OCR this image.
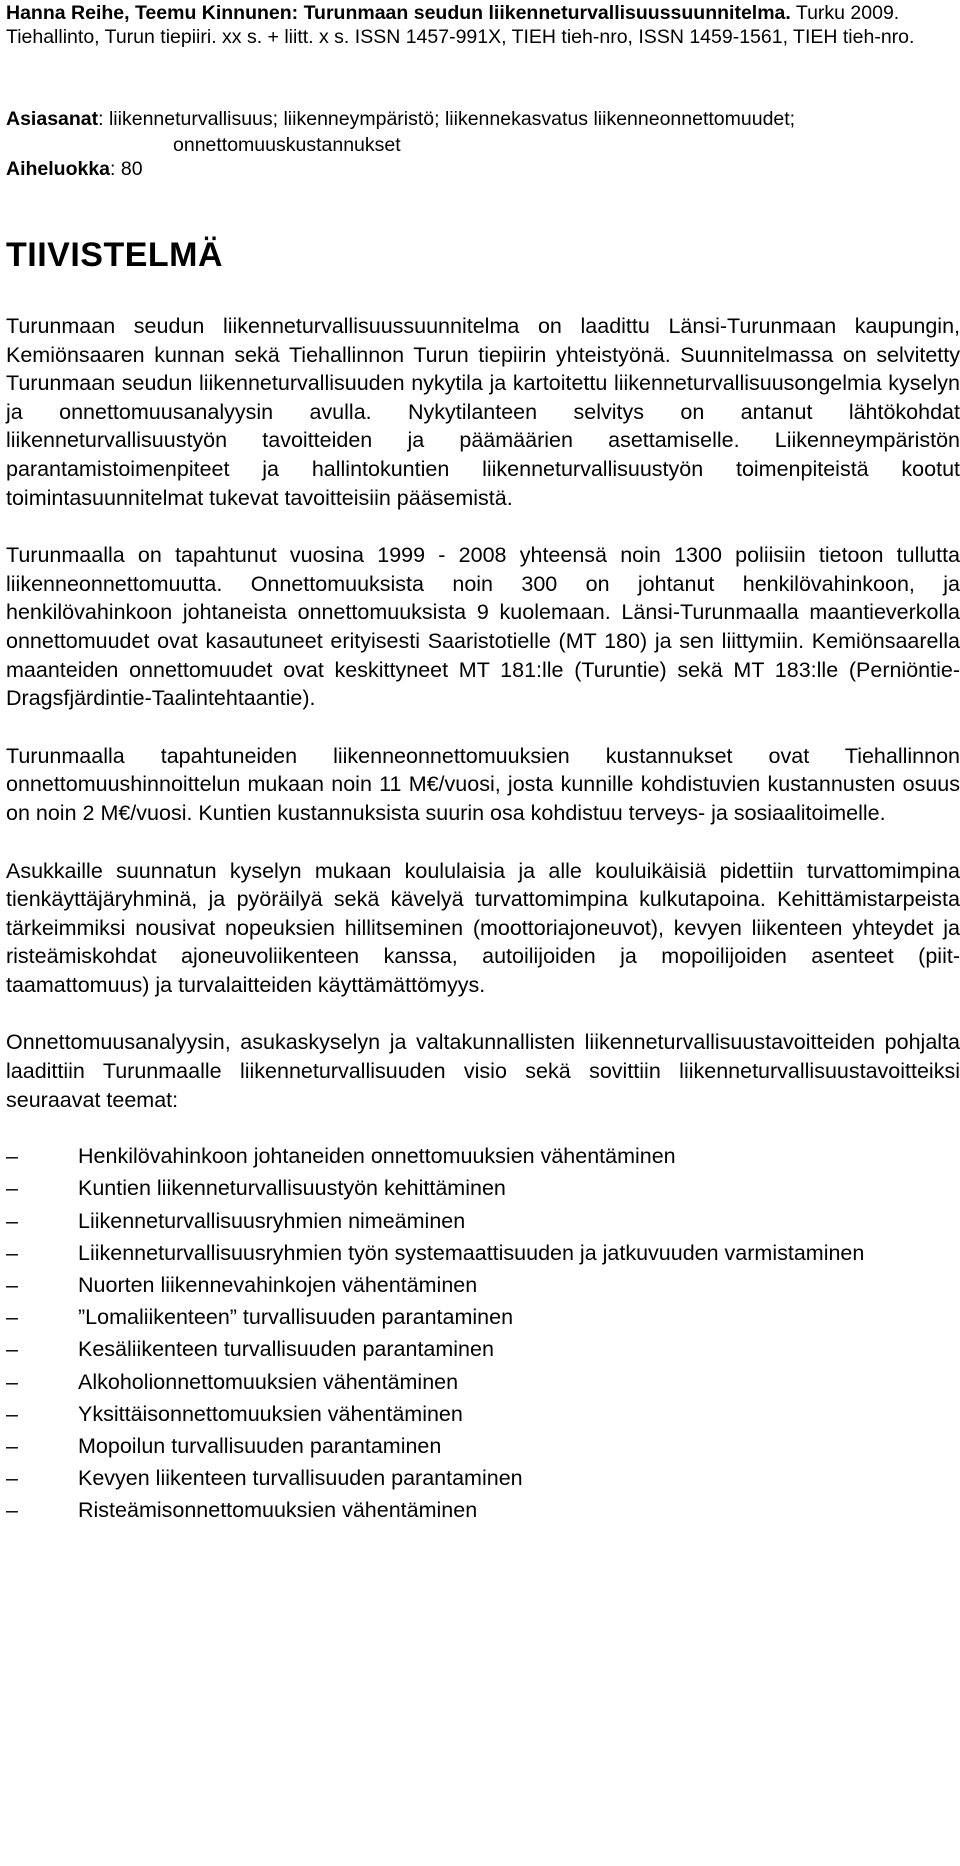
Hanna Reihe, Teemu Kinnunen: Turunmaan seudun liikenneturvallisuussuunnitelma. Turku 2009. Tiehallinto, Turun tiepiiri. xx s. + liitt. x s. ISSN 1457-991X, TIEH tieh-nro, ISSN 1459-1561, TIEH tieh-nro.
Asiasanat: liikenneturvallisuus; liikenneympäristö; liikennekasvatus liikenneonnettomuudet;
onnettomuuskustannukset
Aiheluokka: 80
TIIVISTELMÄ

Turunmaan seudun liikenneturvallisuussuunnitelma on laadittu Länsi-Turunmaan kaupungin, Kemiönsaaren kunnan sekä Tiehallinnon Turun tiepiirin yhteistyönä. Suunnitelmassa on selvitetty Turunmaan seudun liikenneturvallisuuden nykytila ja kartoitettu liikenneturvallisuusongelmia kyselyn ja onnettomuusanalyysin avulla. Nykytilanteen selvitys on antanut lähtökohdat liikenneturvallisuustyön tavoitteiden ja päämäärien asettamiselle. Liikenneympäristön parantamistoimenpiteet ja hallintokuntien liikenneturvallisuustyön toimenpiteistä kootut toimintasuunnitelmat tukevat tavoitteisiin pääsemistä.

Turunmaalla on tapahtunut vuosina 1999 - 2008 yhteensä noin 1300 poliisiin tietoon tullutta liikenneonnettomuutta. Onnettomuuksista noin 300 on johtanut henkilövahinkoon, ja henkilövahinkoon johtaneista onnettomuuksista 9 kuolemaan. Länsi-Turunmaalla maantieverkolla onnettomuudet ovat kasautuneet erityisesti Saaristotielle (MT 180) ja sen liittymiin. Kemiönsaarella maanteiden onnettomuudet ovat keskittyneet MT 181:lle (Turuntie) sekä MT 183:lle (Perniöntie-Dragsfjärdintie-Taalintehtaantie).

Turunmaalla tapahtuneiden liikenneonnettomuuksien kustannukset ovat Tiehallinnon onnettomuushinnoittelun mukaan noin 11 M€/vuosi, josta kunnille kohdistuvien kustannusten osuus on noin 2 M€/vuosi. Kuntien kustannuksista suurin osa kohdistuu terveys- ja sosiaalitoimelle.

Asukkaille suunnatun kyselyn mukaan koululaisia ja alle kouluikäisiä pidettiin turvattomimpina tienkäyttäjäryhminä, ja pyöräilyä sekä kävelyä turvattomimpina kulkutapoina. Kehittämistarpeista tärkeimmiksi nousivat nopeuksien hillitseminen (moottoriajoneuvot), kevyen liikenteen yhteydet ja risteämiskohdat ajoneuvoliikenteen kanssa, autoilijoiden ja mopoilijoiden asenteet (piittaamattomuus) ja turvalaitteiden käyttämättömyys.

Onnettomuusanalyysin, asukaskyselyn ja valtakunnallisten liikenneturvallisuustavoitteiden pohjalta laadittiin Turunmaalle liikenneturvallisuuden visio sekä sovittiin liikenneturvallisuustavoitteiksi seuraavat teemat:

–	Henkilövahinkoon johtaneiden onnettomuuksien vähentäminen
–	Kuntien liikenneturvallisuustyön kehittäminen
–	Liikenneturvallisuusryhmien nimeäminen
–	Liikenneturvallisuusryhmien työn systemaattisuuden ja jatkuvuuden varmistaminen
–	Nuorten liikennevahinkojen vähentäminen
–	”Lomaliikenteen” turvallisuuden parantaminen
–	Kesäliikenteen turvallisuuden parantaminen
–	Alkoholionnettomuuksien vähentäminen
–	Yksittäisonnettomuuksien vähentäminen
–	Mopoilun turvallisuuden parantaminen
–	Kevyen liikenteen turvallisuuden parantaminen
–	Risteämisonnettomuuksien vähentäminen
